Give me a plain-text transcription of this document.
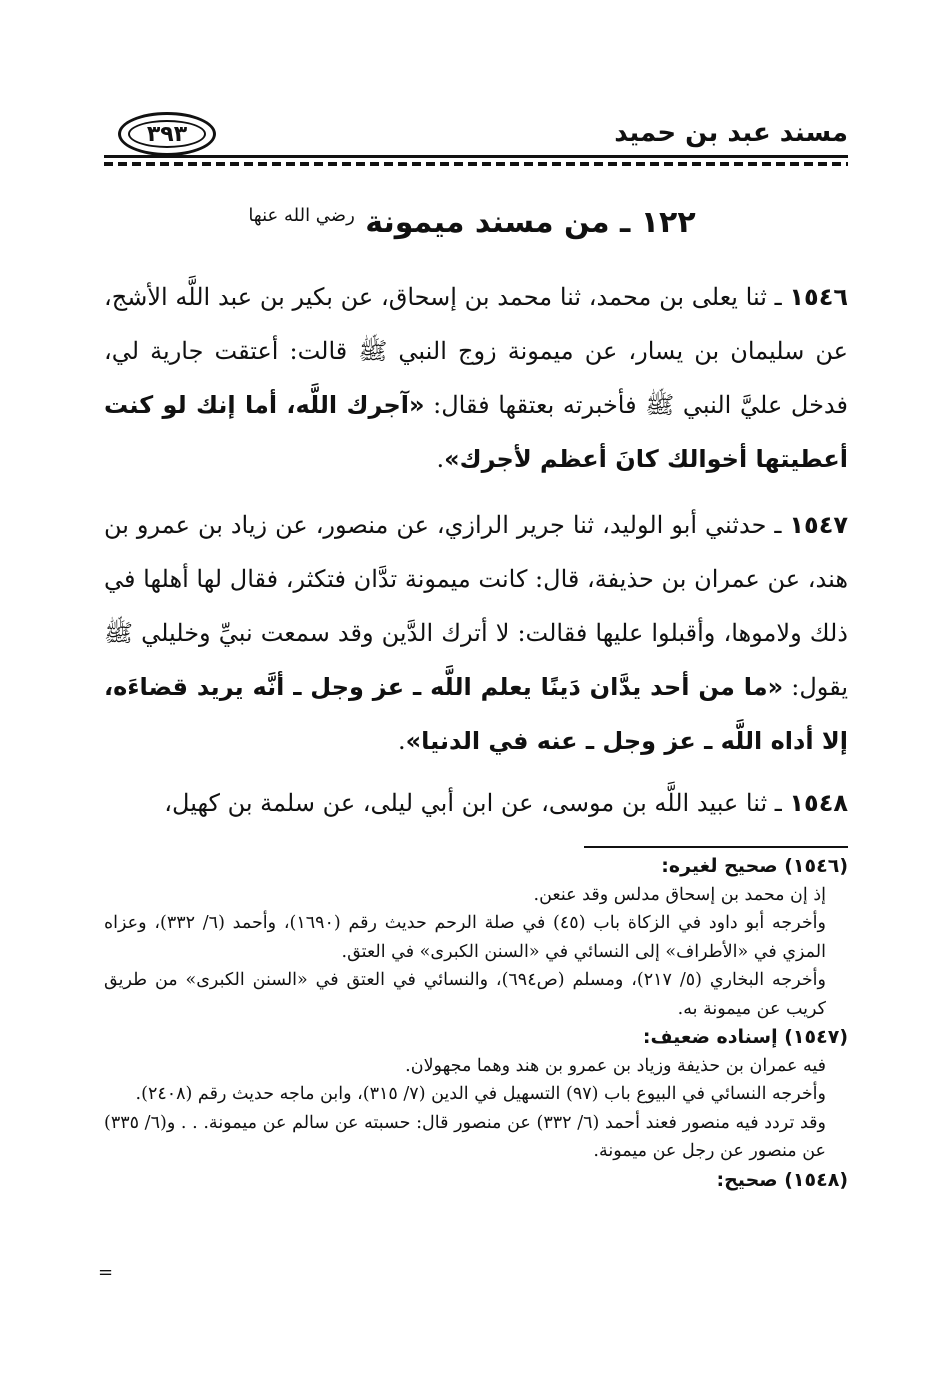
مسند عبد بن حميد
٣٩٣
١٢٢ ـ من مسند ميمونة $^{رضي الله عنها}$
١٥٤٦ ـ ثنا يعلى بن محمد، ثنا محمد بن إسحاق، عن بكير بن عبد اللَّه الأشج، عن سليمان بن يسار، عن ميمونة زوج النبي ﷺ قالت: أعتقت جارية لي، فدخل عليَّ النبي ﷺ فأخبرته بعتقها فقال: «آجرك اللَّه، أما إنك لو كنت أعطيتها أخوالك كانَ أعظم لأجرك».
١٥٤٧ ـ حدثني أبو الوليد، ثنا جرير الرازي، عن منصور، عن زياد بن عمرو بن هند، عن عمران بن حذيفة، قال: كانت ميمونة تدَّان فتكثر، فقال لها أهلها في ذلك ولاموها، وأقبلوا عليها فقالت: لا أترك الدَّين وقد سمعت نبيِّ وخليلي ﷺ يقول: «ما من أحد يدَّان دَينًا يعلم اللَّه ـ عز وجل ـ أنَّه يريد قضاءَه، إلا أداه اللَّه ـ عز وجل ـ عنه في الدنيا».
١٥٤٨ ـ ثنا عبيد اللَّه بن موسى، عن ابن أبي ليلى، عن سلمة بن كهيل،
(١٥٤٦) صحيح لغيره:
إذ إن محمد بن إسحاق مدلس وقد عنعن.
وأخرجه أبو داود في الزكاة باب (٤٥) في صلة الرحم حديث رقم (١٦٩٠)، وأحمد (٦/ ٣٣٢)، وعزاه المزي في «الأطراف» إلى النسائي في «السنن الكبرى» في العتق.
وأخرجه البخاري (٥/ ٢١٧)، ومسلم (ص٦٩٤)، والنسائي في العتق في «السنن الكبرى» من طريق كريب عن ميمونة به.
(١٥٤٧) إسناده ضعيف:
فيه عمران بن حذيفة وزياد بن عمرو بن هند وهما مجهولان.
وأخرجه النسائي في البيوع باب (٩٧) التسهيل في الدين (٧/ ٣١٥)، وابن ماجه حديث رقم (٢٤٠٨).
وقد تردد فيه منصور فعند أحمد (٦/ ٣٣٢) عن منصور قال: حسبته عن سالم عن ميمونة. . . و(٦/ ٣٣٥) عن منصور عن رجل عن ميمونة.
(١٥٤٨) صحيح:
=
